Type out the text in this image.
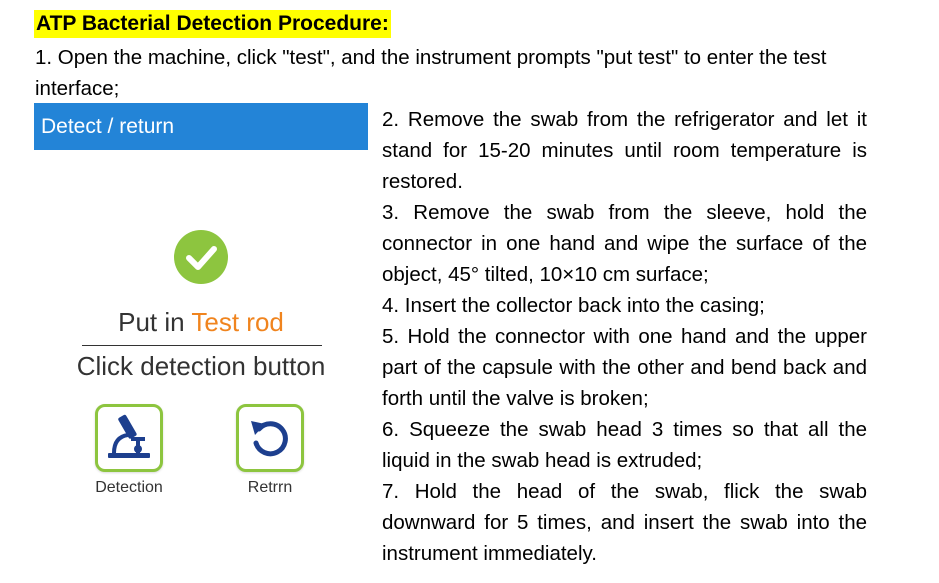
ATP Bacterial Detection Procedure:

1. Open the machine, click "test", and the instrument prompts "put test" to enter the test interface;

Detect / return
Put in Test rod
Click detection button
Detection	Retrrn

2. Remove the swab from the refrigerator and let it stand for 15-20 minutes until room temperature is restored.

3. Remove the swab from the sleeve, hold the connector in one hand and wipe the surface of the object, 45° tilted, 10×10 cm surface;

4. Insert the collector back into the casing;

5. Hold the connector with one hand and the upper part of the capsule with the other and bend back and forth until the valve is broken;

6. Squeeze the swab head 3 times so that all the liquid in the swab head is extruded;

7. Hold the head of the swab, flick the swab downward for 5 times, and insert the swab into the instrument immediately.
